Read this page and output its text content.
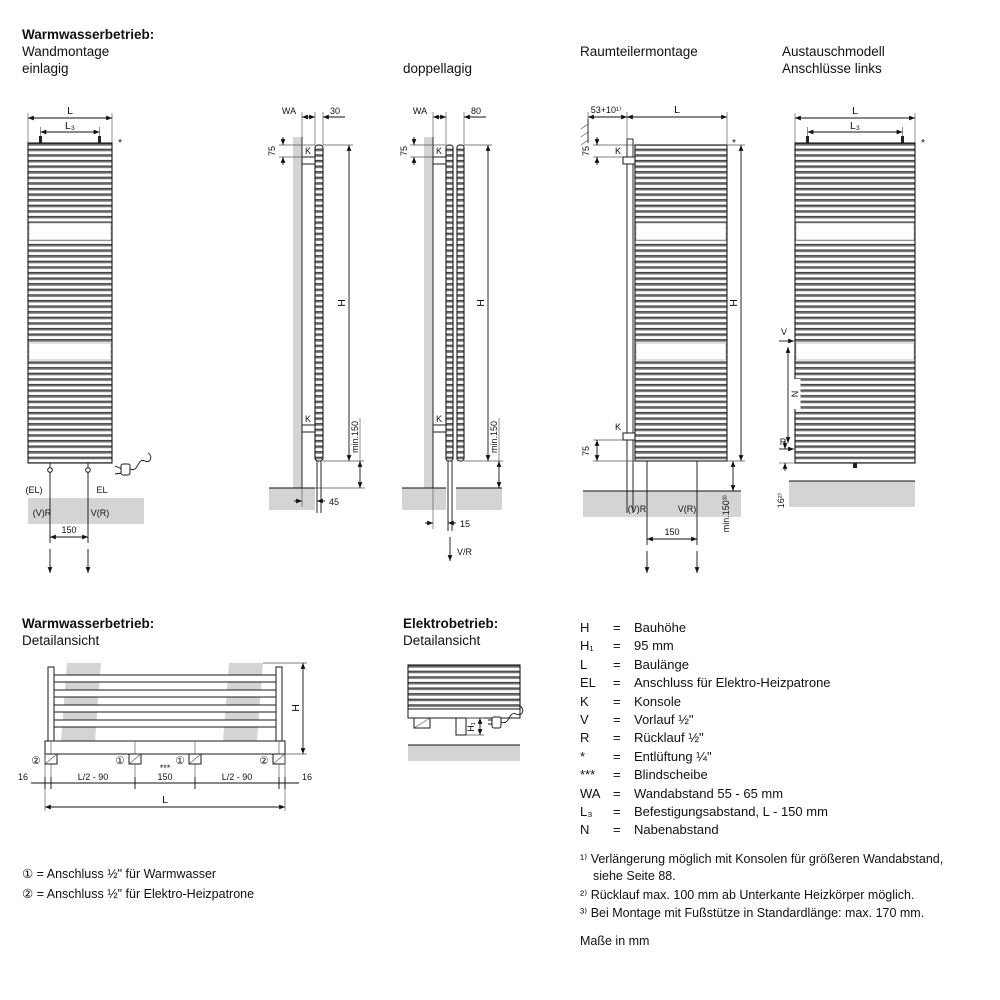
Warmwasserbetrieb:
Wandmontage
einlagig	doppellagig
Raumteilermontage	Austauschmodell
Anschlüsse links
L
L₃
*
(EL)	EL
(V)R	V(R)
150
WA	30
75	K
K
H
min.150
45
WA	80
75	K
K
H
min.150
15
V/R
53+10¹⁾	L
*
75
75
K
K
H
(V)R	V(R)
150	min.150³⁾
L
L₃
*
V
N
R
16²⁾
Warmwasserbetrieb:
Detailansicht
Elektrobetrieb:
Detailansicht
②	①	①	②
***
16	L/2 - 90	150	L/2 - 90	16
L
H
① = Anschluss ½" für Warmwasser
② = Anschluss ½" für Elektro-Heizpatrone
H₁
H	=	Bauhöhe
H₁	=	95 mm
L	=	Baulänge
EL	=	Anschluss für Elektro-Heizpatrone
K	=	Konsole
V	=	Vorlauf ½"
R	=	Rücklauf ½"
*	=	Entlüftung ¼"
***	=	Blindscheibe
WA =	Wandabstand 55 - 65 mm
L₃	=	Befestigungsabstand, L - 150 mm
N	=	Nabenabstand
¹⁾ Verlängerung möglich mit Konsolen für größeren Wandabstand, siehe Seite 88.
²⁾ Rücklauf max. 100 mm ab Unterkante Heizkörper möglich.
³⁾ Bei Montage mit Fußstütze in Standardlänge: max. 170 mm.
Maße in mm
